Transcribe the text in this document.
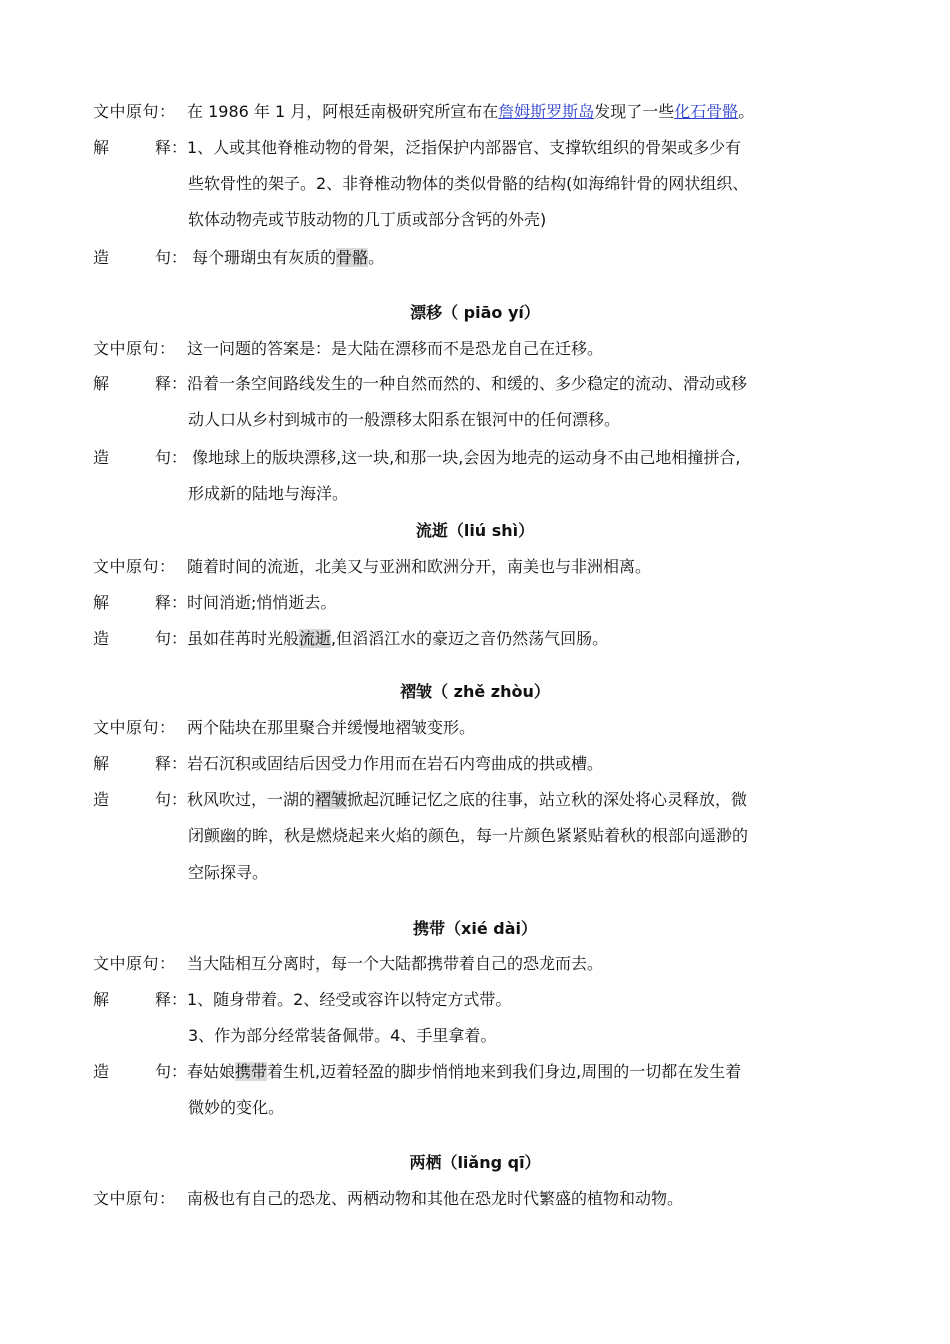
文中原句： 在 1986 年 1 月，阿根廷南极研究所宣布在詹姆斯罗斯岛发现了一些化石骨骼。
解	释：1、人或其他脊椎动物的骨架，泛指保护内部器官、支撑软组织的骨架或多少有
些软骨性的架子。2、非脊椎动物体的类似骨骼的结构(如海绵针骨的网状组织、
软体动物壳或节肢动物的几丁质或部分含钙的外壳)
造	句： 每个珊瑚虫有灰质的骨骼。
漂移（ piāo yí）
文中原句： 这一问题的答案是：是大陆在漂移而不是恐龙自己在迁移。
解	释：沿着一条空间路线发生的一种自然而然的、和缓的、多少稳定的流动、滑动或移
动人口从乡村到城市的一般漂移太阳系在银河中的任何漂移。
造	句： 像地球上的版块漂移,这一块,和那一块,会因为地壳的运动身不由己地相撞拼合,
形成新的陆地与海洋。
流逝（liú shì）
文中原句： 随着时间的流逝，北美又与亚洲和欧洲分开，南美也与非洲相离。
解	释：时间消逝;悄悄逝去。
造	句：虽如荏苒时光般流逝,但滔滔江水的豪迈之音仍然荡气回肠。
褶皱（ zhě zhòu）
文中原句： 两个陆块在那里聚合并缓慢地褶皱变形。
解	释：岩石沉积或固结后因受力作用而在岩石内弯曲成的拱或槽。
造	句：秋风吹过，一湖的褶皱掀起沉睡记忆之底的往事，站立秋的深处将心灵释放，微
闭颤幽的眸，秋是燃烧起来火焰的颜色，每一片颜色紧紧贴着秋的根部向遥渺的
空际探寻。
携带（xié dài）
文中原句： 当大陆相互分离时，每一个大陆都携带着自己的恐龙而去。
解	释：1、随身带着。2、经受或容许以特定方式带。
3、作为部分经常装备佩带。4、手里拿着。
造	句：春姑娘携带着生机,迈着轻盈的脚步悄悄地来到我们身边,周围的一切都在发生着
微妙的变化。
两栖（liǎng qī）
文中原句： 南极也有自己的恐龙、两栖动物和其他在恐龙时代繁盛的植物和动物。
